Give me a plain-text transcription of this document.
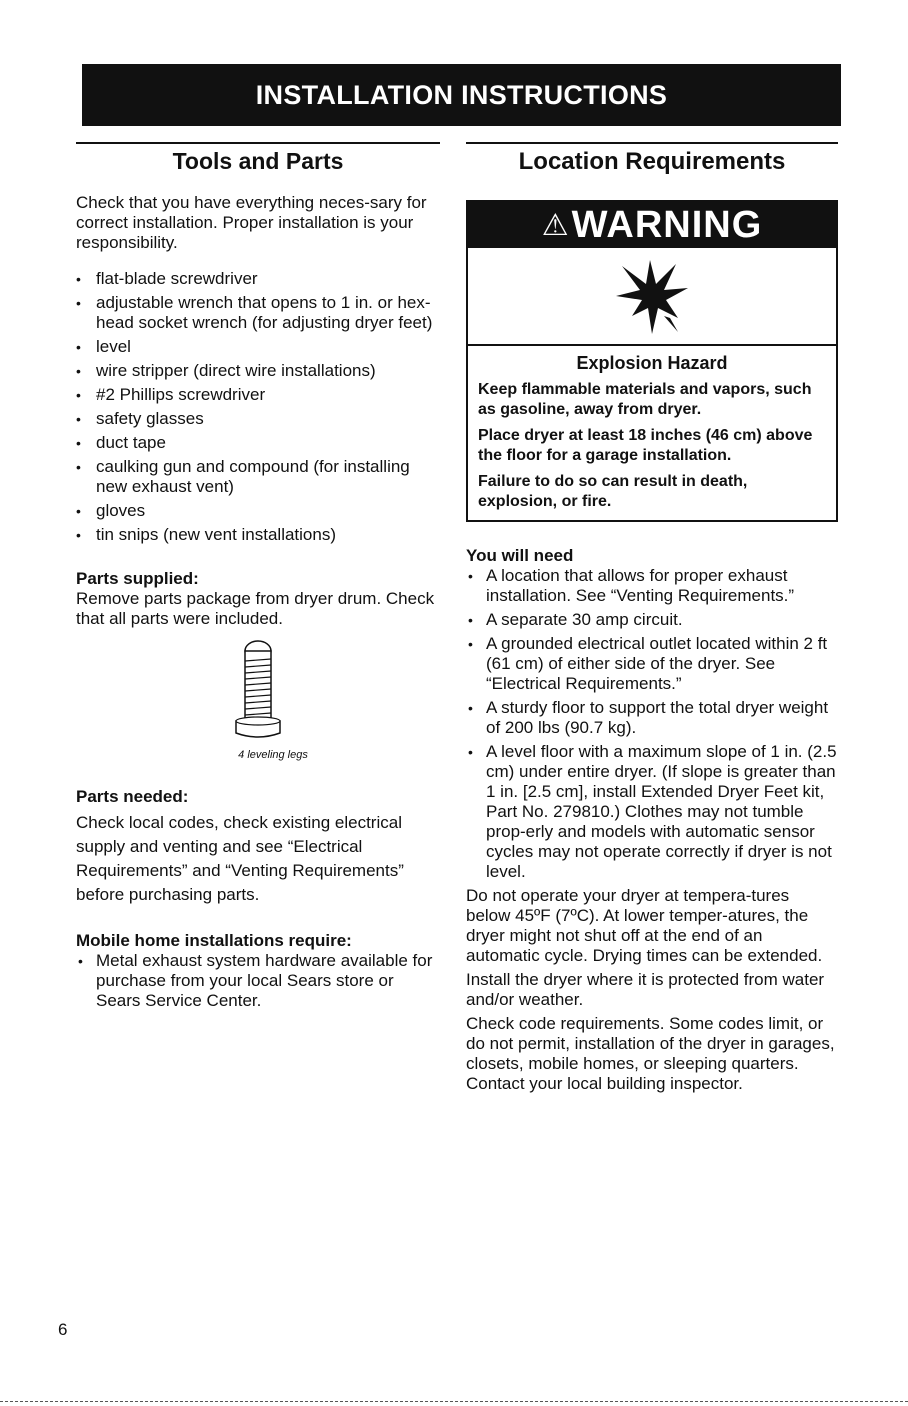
INSTALLATION INSTRUCTIONS
Tools and Parts

Check that you have everything neces-sary for correct installation. Proper installation is your responsibility.

• flat-blade screwdriver
• adjustable wrench that opens to 1 in. or hex-head socket wrench (for adjusting dryer feet)
• level
• wire stripper (direct wire installations)
• #2 Phillips screwdriver
• safety glasses
• duct tape
• caulking gun and compound (for installing new exhaust vent)
• gloves
• tin snips (new vent installations)
Parts supplied:

Remove parts package from dryer drum. Check that all parts were included.

4 leveling legs
Parts needed:

Check local codes, check existing electrical supply and venting and see “Electrical Requirements” and “Venting Requirements” before purchasing parts.

Mobile home installations require:
• Metal exhaust system hardware available for purchase from your local Sears store or Sears Service Center.
Location Requirements
⚠ WARNING
Explosion Hazard

Keep flammable materials and vapors, such as gasoline, away from dryer.

Place dryer at least 18 inches (46 cm) above the floor for a garage installation.

Failure to do so can result in death, explosion, or fire.

You will need
• A location that allows for proper exhaust installation. See “Venting Requirements.”
• A separate 30 amp circuit.
• A grounded electrical outlet located within 2 ft (61 cm) of either side of the dryer. See “Electrical Requirements.”
• A sturdy floor to support the total dryer weight of 200 lbs (90.7 kg).
• A level floor with a maximum slope of 1 in. (2.5 cm) under entire dryer. (If slope is greater than 1 in. [2.5 cm], install Extended Dryer Feet kit, Part No. 279810.) Clothes may not tumble prop-erly and models with automatic sensor cycles may not operate correctly if dryer is not level.

Do not operate your dryer at tempera-tures below 45ºF (7ºC). At lower temper-atures, the dryer might not shut off at the end of an automatic cycle. Drying times can be extended.

Install the dryer where it is protected from water and/or weather.

Check code requirements. Some codes limit, or do not permit, installation of the dryer in garages, closets, mobile homes, or sleeping quarters. Contact your local building inspector.

6
